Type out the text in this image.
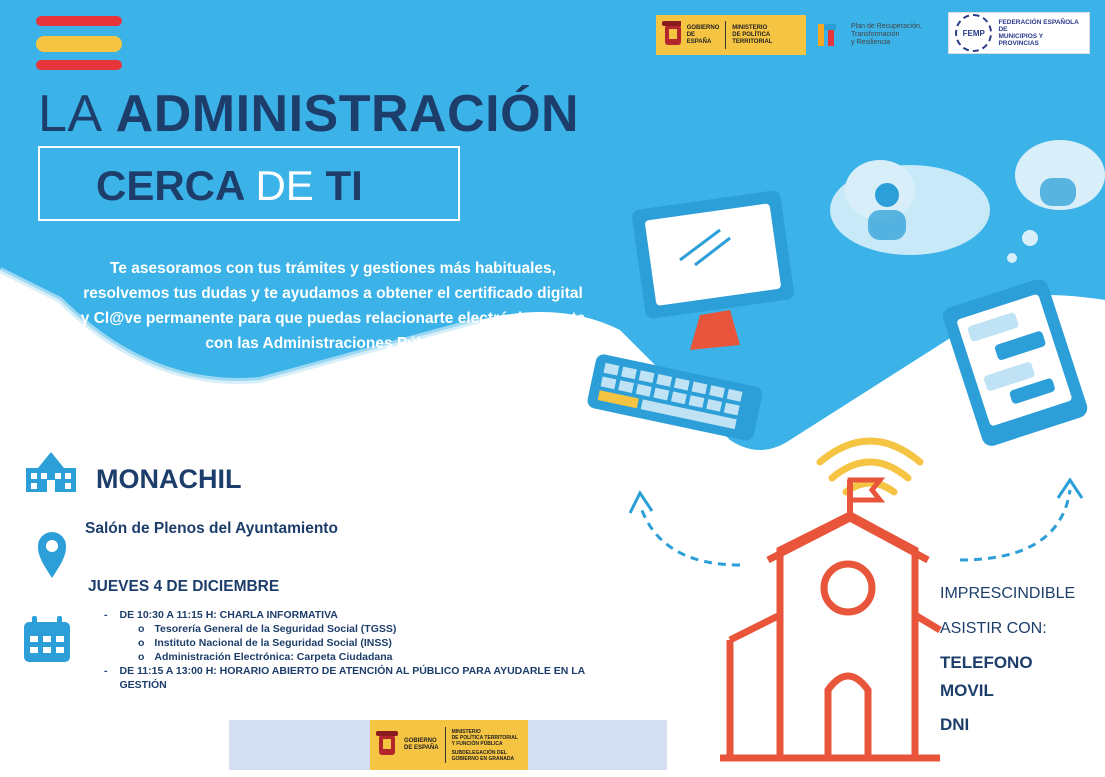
GOBIERNO
DE ESPAÑA
MINISTERIO
DE POLÍTICA TERRITORIAL
Plan de Recuperación,
Transformación
y Resiliencia
FEMP
FEDERACIÓN ESPAÑOLA DE
MUNICIPIOS Y PROVINCIAS
LA ADMINISTRACIÓN
CERCA DE TI
Te asesoramos con tus trámites y gestiones más habituales, resolvemos tus dudas y te ayudamos a obtener el certificado digital y Cl@ve permanente para que puedas relacionarte electrónicamente con las Administraciones Públicas
MONACHIL
Salón de Plenos del Ayuntamiento
JUEVES 4 DE DICIEMBRE
- DE 10:30 A 11:15 H: CHARLA INFORMATIVA
o Tesorería General de la Seguridad Social (TGSS)
o Instituto Nacional de la Seguridad Social (INSS)
o Administración Electrónica: Carpeta Ciudadana
- DE 11:15 A 13:00 H: HORARIO ABIERTO DE ATENCIÓN AL PÚBLICO PARA AYUDARLE EN LA GESTIÓN
IMPRESCINDIBLE
ASISTIR CON:
TELEFONO
MOVIL
DNI
GOBIERNO
DE ESPAÑA
MINISTERIO
DE POLÍTICA TERRITORIAL
Y FUNCIÓN PÚBLICA
SUBDELEGACIÓN DEL
GOBIERNO EN GRANADA
